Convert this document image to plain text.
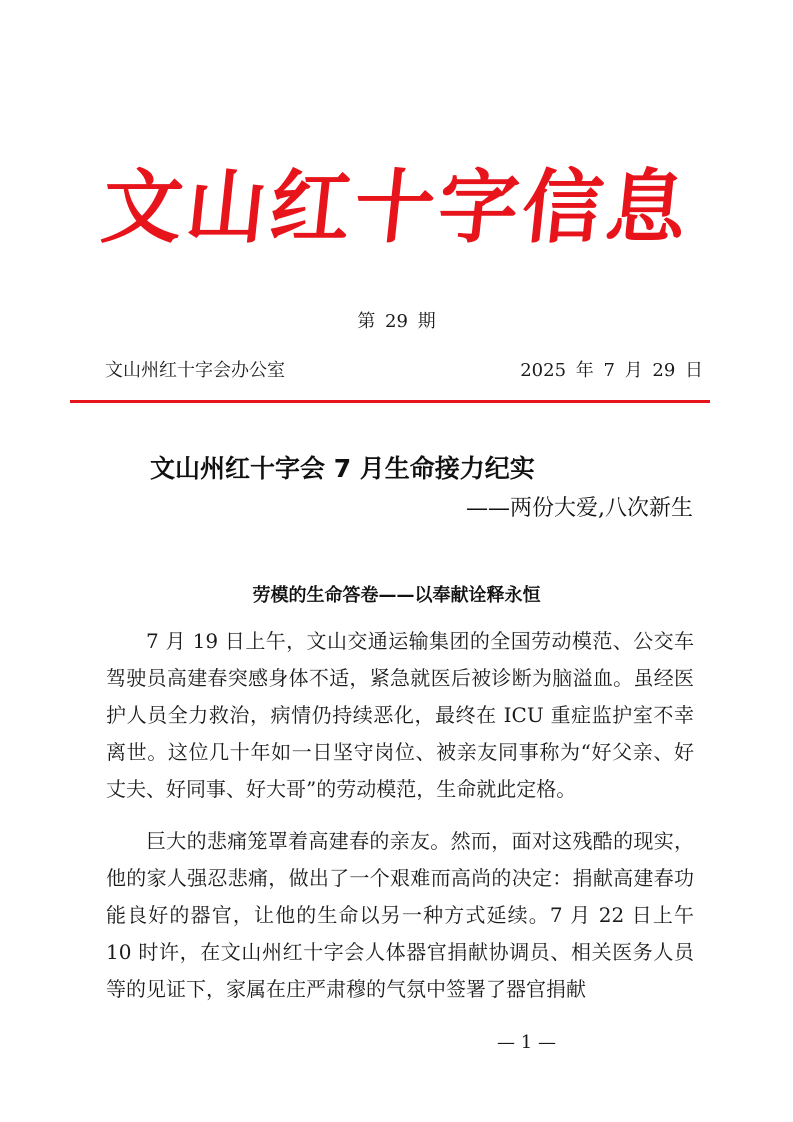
文山红十字信息
第 29 期
文山州红十字会办公室	2025 年 7 月 29 日
文山州红十字会 7 月生命接力纪实
——两份大爱,八次新生
劳模的生命答卷——以奉献诠释永恒

7 月 19 日上午，文山交通运输集团的全国劳动模范、公交车驾驶员高建春突感身体不适，紧急就医后被诊断为脑溢血。虽经医护人员全力救治，病情仍持续恶化，最终在 ICU 重症监护室不幸离世。这位几十年如一日坚守岗位、被亲友同事称为“好父亲、好丈夫、好同事、好大哥”的劳动模范，生命就此定格。

巨大的悲痛笼罩着高建春的亲友。然而，面对这残酷的现实，他的家人强忍悲痛，做出了一个艰难而高尚的决定：捐献高建春功能良好的器官，让他的生命以另一种方式延续。7 月 22 日上午 10 时许，在文山州红十字会人体器官捐献协调员、相关医务人员等的见证下，家属在庄严肃穆的气氛中签署了器官捐献

— 1 —
